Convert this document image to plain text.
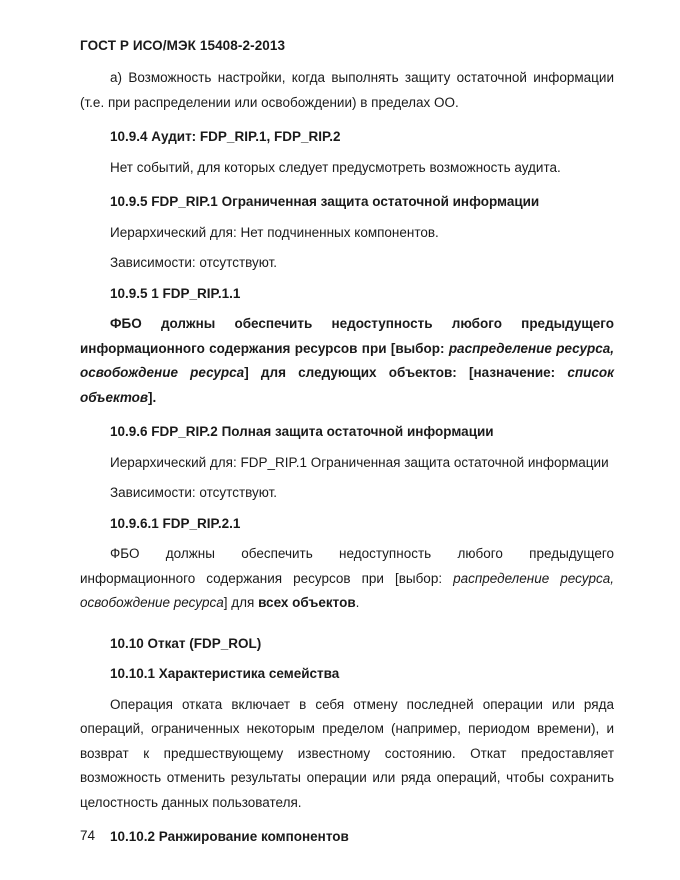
ГОСТ Р ИСО/МЭК 15408-2-2013

а) Возможность настройки, когда выполнять защиту остаточной информации (т.е. при распределении или освобождении) в пределах ОО.

10.9.4 Аудит: FDP_RIP.1, FDP_RIP.2

Нет событий, для которых следует предусмотреть возможность аудита.

10.9.5 FDP_RIP.1 Ограниченная защита остаточной информации

Иерархический для: Нет подчиненных компонентов.

Зависимости: отсутствуют.

10.9.5 1 FDP_RIP.1.1

ФБО должны обеспечить недоступность любого предыдущего информационного содержания ресурсов при [выбор: распределение ресурса, освобождение ресурса] для следующих объектов: [назначение: список объектов].

10.9.6 FDP_RIP.2 Полная защита остаточной информации

Иерархический для: FDP_RIP.1 Ограниченная защита остаточной информации

Зависимости: отсутствуют.

10.9.6.1 FDP_RIP.2.1

ФБО должны обеспечить недоступность любого предыдущего информационного содержания ресурсов при [выбор: распределение ресурса, освобождение ресурса] для всех объектов.

10.10 Откат (FDP_ROL)

10.10.1 Характеристика семейства

Операция отката включает в себя отмену последней операции или ряда операций, ограниченных некоторым пределом (например, периодом времени), и возврат к предшествующему известному состоянию. Откат предоставляет возможность отменить результаты операции или ряда операций, чтобы сохранить целостность данных пользователя.

10.10.2 Ранжирование компонентов

74
